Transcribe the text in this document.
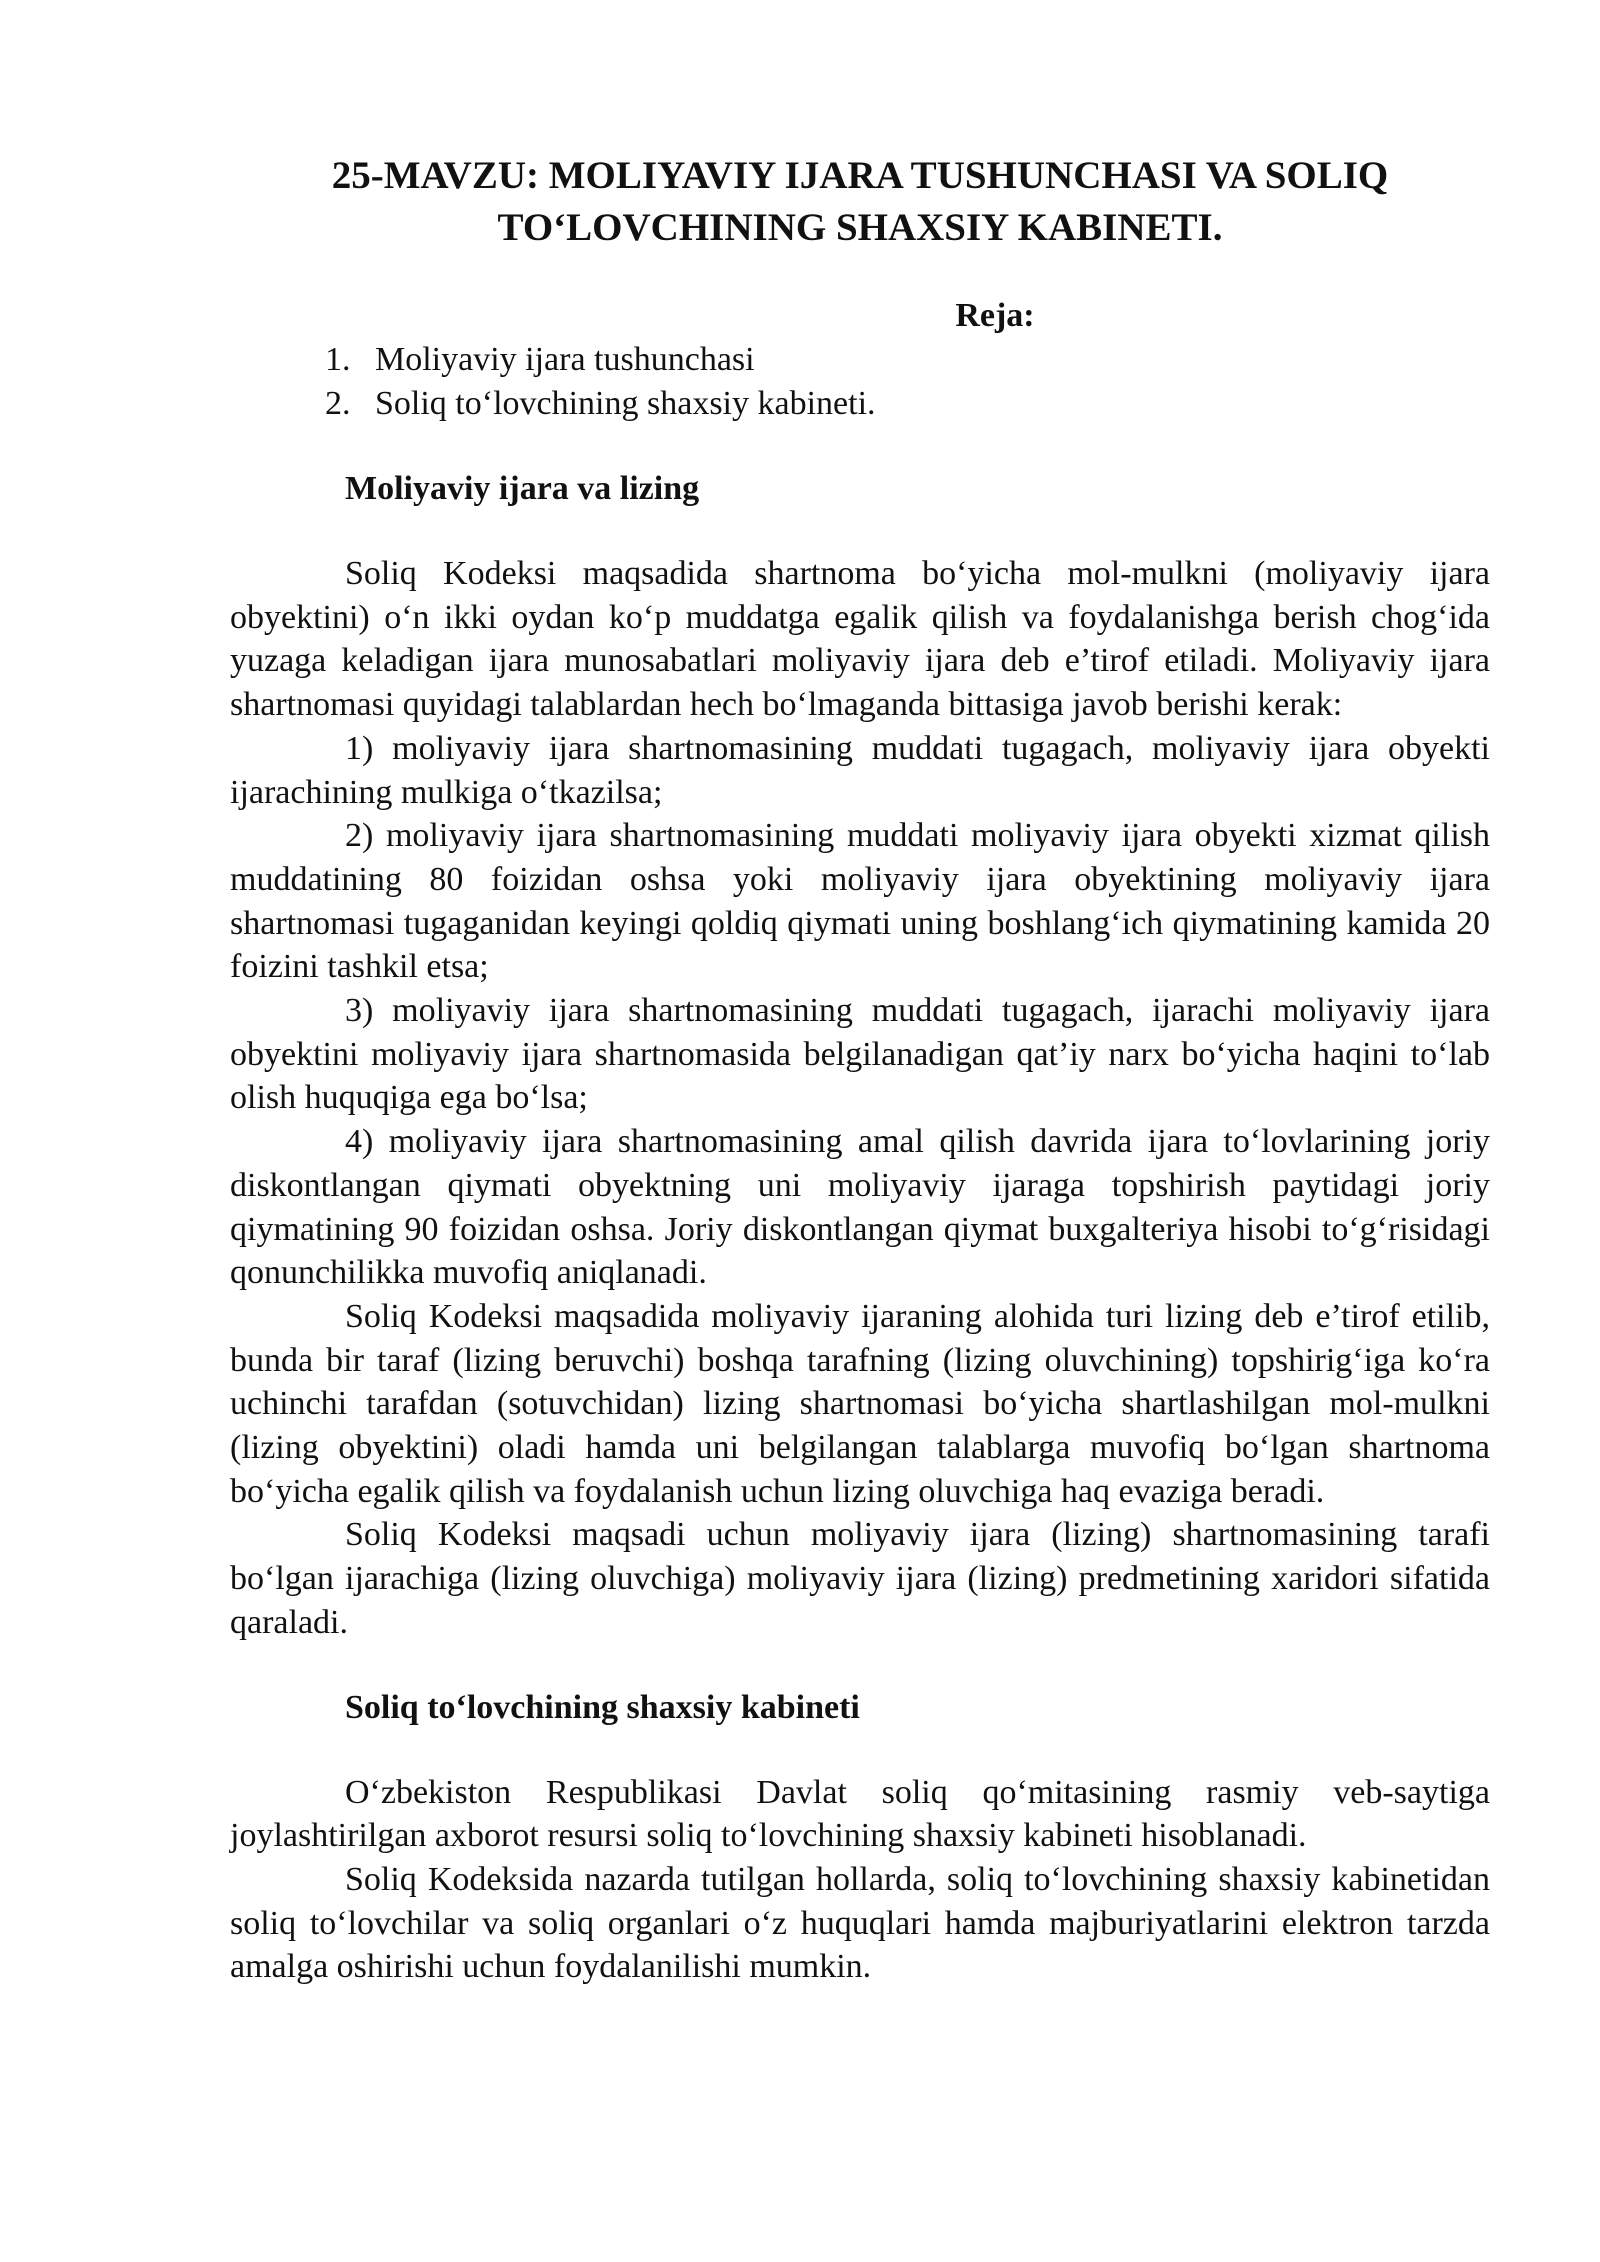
25-MAVZU: MOLIYAVIY IJARA TUSHUNCHASI VA SOLIQ
TO‘LOVCHINING SHAXSIY KABINETI.
Reja:
1. Moliyaviy ijara tushunchasi
2. Soliq to‘lovchining shaxsiy kabineti.
Moliyaviy ijara va lizing

Soliq Kodeksi maqsadida shartnoma bo‘yicha mol-mulkni (moliyaviy ijara obyektini) o‘n ikki oydan ko‘p muddatga egalik qilish va foydalanishga berish chog‘ida yuzaga keladigan ijara munosabatlari moliyaviy ijara deb e’tirof etiladi. Moliyaviy ijara shartnomasi quyidagi talablardan hech bo‘lmaganda bittasiga javob berishi kerak:

1) moliyaviy ijara shartnomasining muddati tugagach, moliyaviy ijara obyekti ijarachining mulkiga o‘tkazilsa;

2) moliyaviy ijara shartnomasining muddati moliyaviy ijara obyekti xizmat qilish muddatining 80 foizidan oshsa yoki moliyaviy ijara obyektining moliyaviy ijara shartnomasi tugaganidan keyingi qoldiq qiymati uning boshlang‘ich qiymatining kamida 20 foizini tashkil etsa;

3) moliyaviy ijara shartnomasining muddati tugagach, ijarachi moliyaviy ijara obyektini moliyaviy ijara shartnomasida belgilanadigan qat’iy narx bo‘yicha haqini to‘lab olish huquqiga ega bo‘lsa;

4) moliyaviy ijara shartnomasining amal qilish davrida ijara to‘lovlarining joriy diskontlangan qiymati obyektning uni moliyaviy ijaraga topshirish paytidagi joriy qiymatining 90 foizidan oshsa. Joriy diskontlangan qiymat buxgalteriya hisobi to‘g‘risidagi qonunchilikka muvofiq aniqlanadi.

Soliq Kodeksi maqsadida moliyaviy ijaraning alohida turi lizing deb e’tirof etilib, bunda bir taraf (lizing beruvchi) boshqa tarafning (lizing oluvchining) topshirig‘iga ko‘ra uchinchi tarafdan (sotuvchidan) lizing shartnomasi bo‘yicha shartlashilgan mol-mulkni (lizing obyektini) oladi hamda uni belgilangan talablarga muvofiq bo‘lgan shartnoma bo‘yicha egalik qilish va foydalanish uchun lizing oluvchiga haq evaziga beradi.

Soliq Kodeksi maqsadi uchun moliyaviy ijara (lizing) shartnomasining tarafi bo‘lgan ijarachiga (lizing oluvchiga) moliyaviy ijara (lizing) predmetining xaridori sifatida qaraladi.

Soliq to‘lovchining shaxsiy kabineti

O‘zbekiston Respublikasi Davlat soliq qo‘mitasining rasmiy veb-saytiga joylashtirilgan axborot resursi soliq to‘lovchining shaxsiy kabineti hisoblanadi.

Soliq Kodeksida nazarda tutilgan hollarda, soliq to‘lovchining shaxsiy kabinetidan soliq to‘lovchilar va soliq organlari o‘z huquqlari hamda majburiyatlarini elektron tarzda amalga oshirishi uchun foydalanilishi mumkin.
